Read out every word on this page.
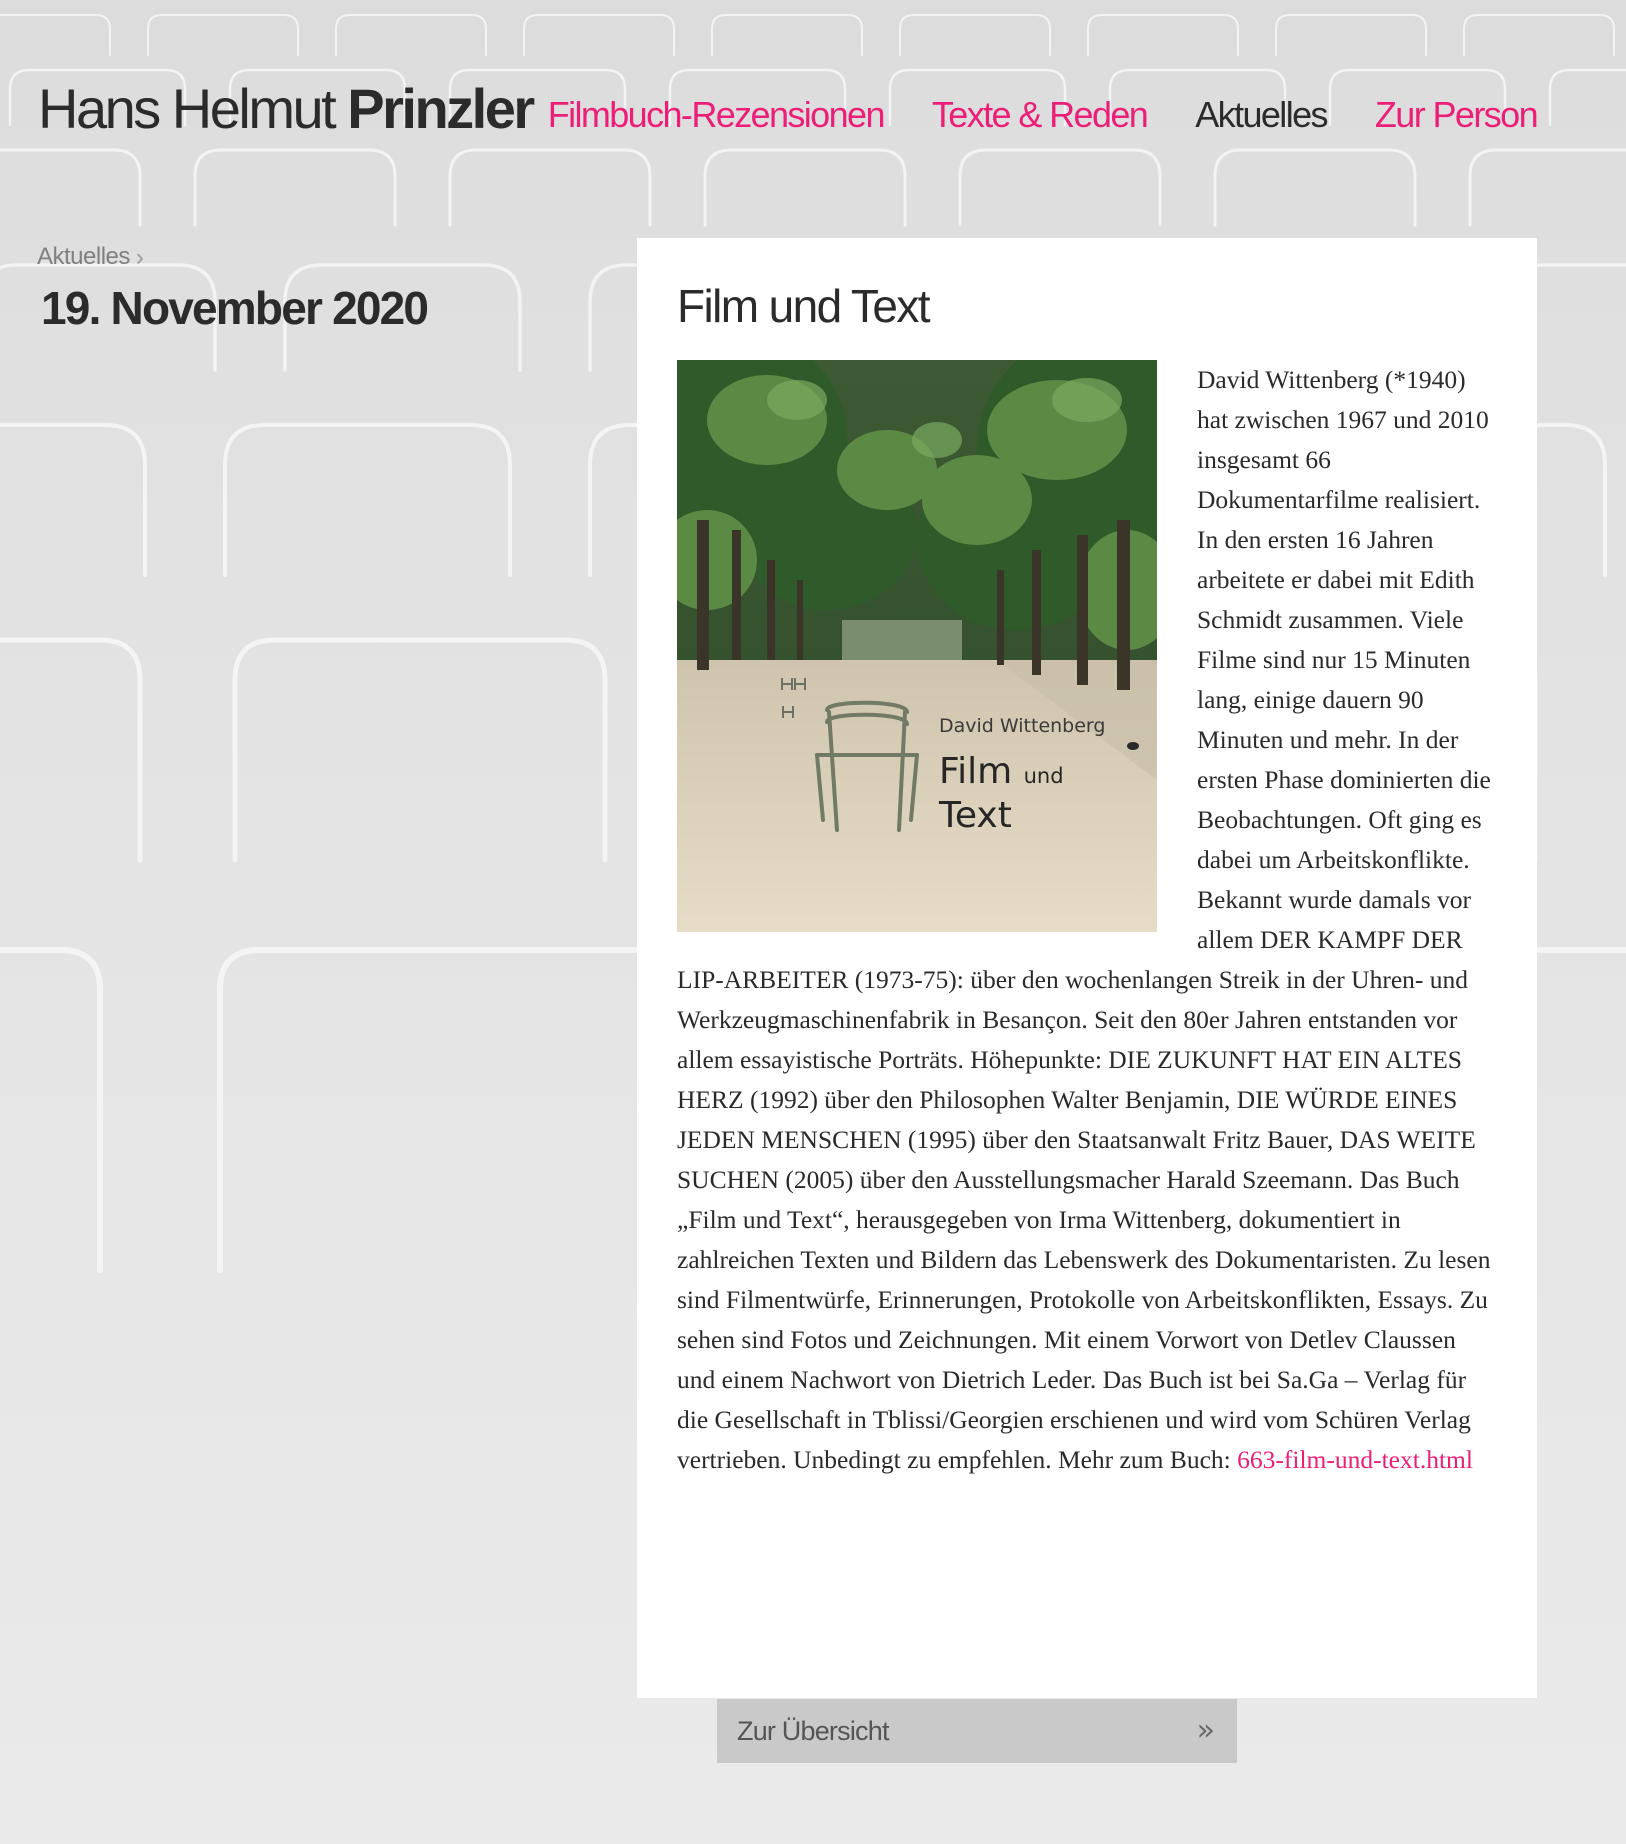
Hans Helmut Prinzler Filmbuch-Rezensionen Texte & Reden Aktuelles Zur Person
Aktuelles ›
19. November 2020	Film und Text
David Wittenberg
Film und
Text

David Wittenberg (*1940) hat zwischen 1967 und 2010 insgesamt 66 Dokumentarfilme realisiert. In den ersten 16 Jahren arbeitete er dabei mit Edith Schmidt zusammen. Viele Filme sind nur 15 Minuten lang, einige dauern 90 Minuten und mehr. In der ersten Phase dominierten die Beobachtungen. Oft ging es dabei um Arbeitskonflikte. Bekannt wurde damals vor allem DER KAMPF DER LIP-ARBEITER (1973-75): über den wochenlangen Streik in der Uhren- und Werkzeugmaschinenfabrik in Besançon. Seit den 80er Jahren entstanden vor allem essayistische Porträts. Höhepunkte: DIE ZUKUNFT HAT EIN ALTES HERZ (1992) über den Philosophen Walter Benjamin, DIE WÜRDE EINES JEDEN MENSCHEN (1995) über den Staatsanwalt Fritz Bauer, DAS WEITE SUCHEN (2005) über den Ausstellungsmacher Harald Szeemann. Das Buch „Film und Text“, herausgegeben von Irma Wittenberg, dokumentiert in zahlreichen Texten und Bildern das Lebenswerk des Dokumentaristen. Zu lesen sind Filmentwürfe, Erinnerungen, Protokolle von Arbeitskonflikten, Essays. Zu sehen sind Fotos und Zeichnungen. Mit einem Vorwort von Detlev Claussen und einem Nachwort von Dietrich Leder. Das Buch ist bei Sa.Ga – Verlag für die Gesellschaft in Tblissi/Georgien erschienen und wird vom Schüren Verlag vertrieben. Unbedingt zu empfehlen. Mehr zum Buch: 663-film-und-text.html

Zur Übersicht	»
